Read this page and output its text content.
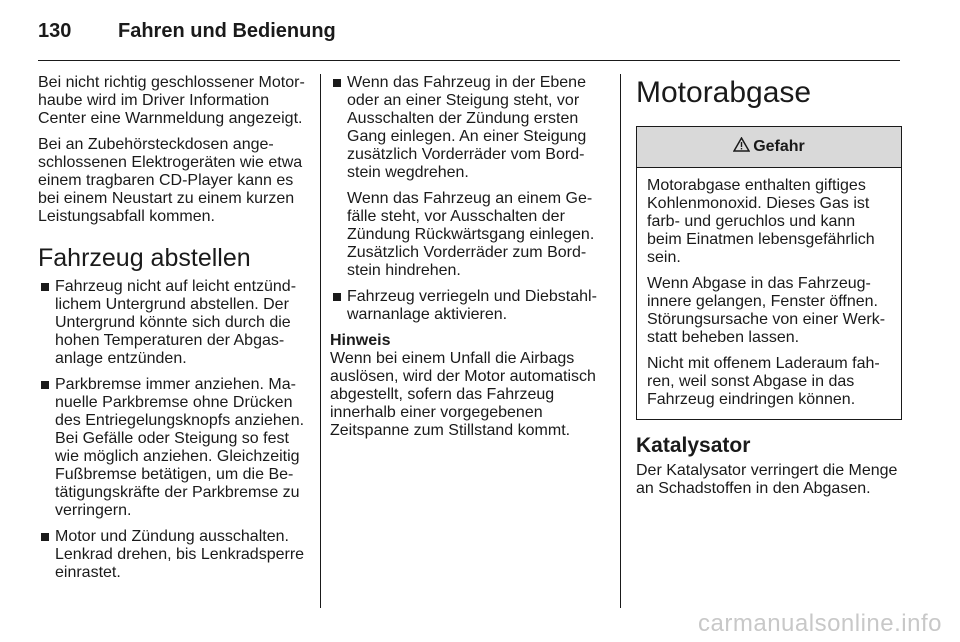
130 Fahren und Bedienung

Bei nicht richtig geschlossener Motorhaube wird im Driver Information Center eine Warnmeldung angezeigt.

Bei an Zubehörsteckdosen angeschlossenen Elektrogeräten wie etwa einem tragbaren CD-Player kann es bei einem Neustart zu einem kurzen Leistungsabfall kommen.

Fahrzeug abstellen
Fahrzeug nicht auf leicht entzündlichem Untergrund abstellen. Der Untergrund könnte sich durch die hohen Temperaturen der Abgasanlage entzünden.
Parkbremse immer anziehen. Manuelle Parkbremse ohne Drücken des Entriegelungsknopfs anziehen. Bei Gefälle oder Steigung so fest wie möglich anziehen. Gleichzeitig Fußbremse betätigen, um die Betätigungskräfte der Parkbremse zu verringern.
Motor und Zündung ausschalten. Lenkrad drehen, bis Lenkradsperre einrastet.
Wenn das Fahrzeug in der Ebene oder an einer Steigung steht, vor Ausschalten der Zündung ersten Gang einlegen. An einer Steigung zusätzlich Vorderräder vom Bordstein wegdrehen.
Wenn das Fahrzeug an einem Gefälle steht, vor Ausschalten der Zündung Rückwärtsgang einlegen. Zusätzlich Vorderräder zum Bordstein hindrehen.
Fahrzeug verriegeln und Diebstahlwarnanlage aktivieren.
Hinweis
Wenn bei einem Unfall die Airbags auslösen, wird der Motor automatisch abgestellt, sofern das Fahrzeug innerhalb einer vorgegebenen Zeitspanne zum Stillstand kommt.
Motorabgase
Gefahr

Motorabgase enthalten giftiges Kohlenmonoxid. Dieses Gas ist farb- und geruchlos und kann beim Einatmen lebensgefährlich sein.

Wenn Abgase in das Fahrzeuginnere gelangen, Fenster öffnen. Störungsursache von einer Werkstatt beheben lassen.

Nicht mit offenem Laderaum fahren, weil sonst Abgase in das Fahrzeug eindringen können.

Katalysator

Der Katalysator verringert die Menge an Schadstoffen in den Abgasen.

carmanualsonline.info
